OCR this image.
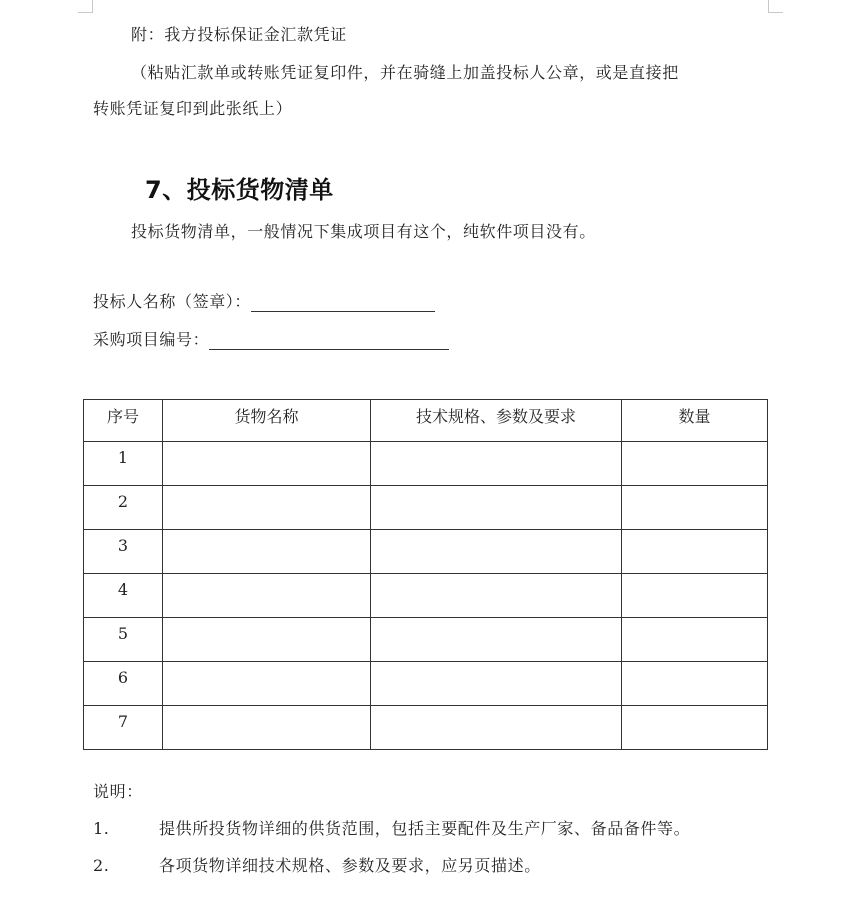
附：我方投标保证金汇款凭证
（粘贴汇款单或转账凭证复印件，并在骑缝上加盖投标人公章，或是直接把
转账凭证复印到此张纸上）
7、投标货物清单
投标货物清单，一般情况下集成项目有这个，纯软件项目没有。
投标人名称（签章）：
采购项目编号：
序号	货物名称	技术规格、参数及要求	数量
1			
2			
3			
4			
5			
6			
7			
说明：
1.	提供所投货物详细的供货范围，包括主要配件及生产厂家、备品备件等。
2.	各项货物详细技术规格、参数及要求，应另页描述。
